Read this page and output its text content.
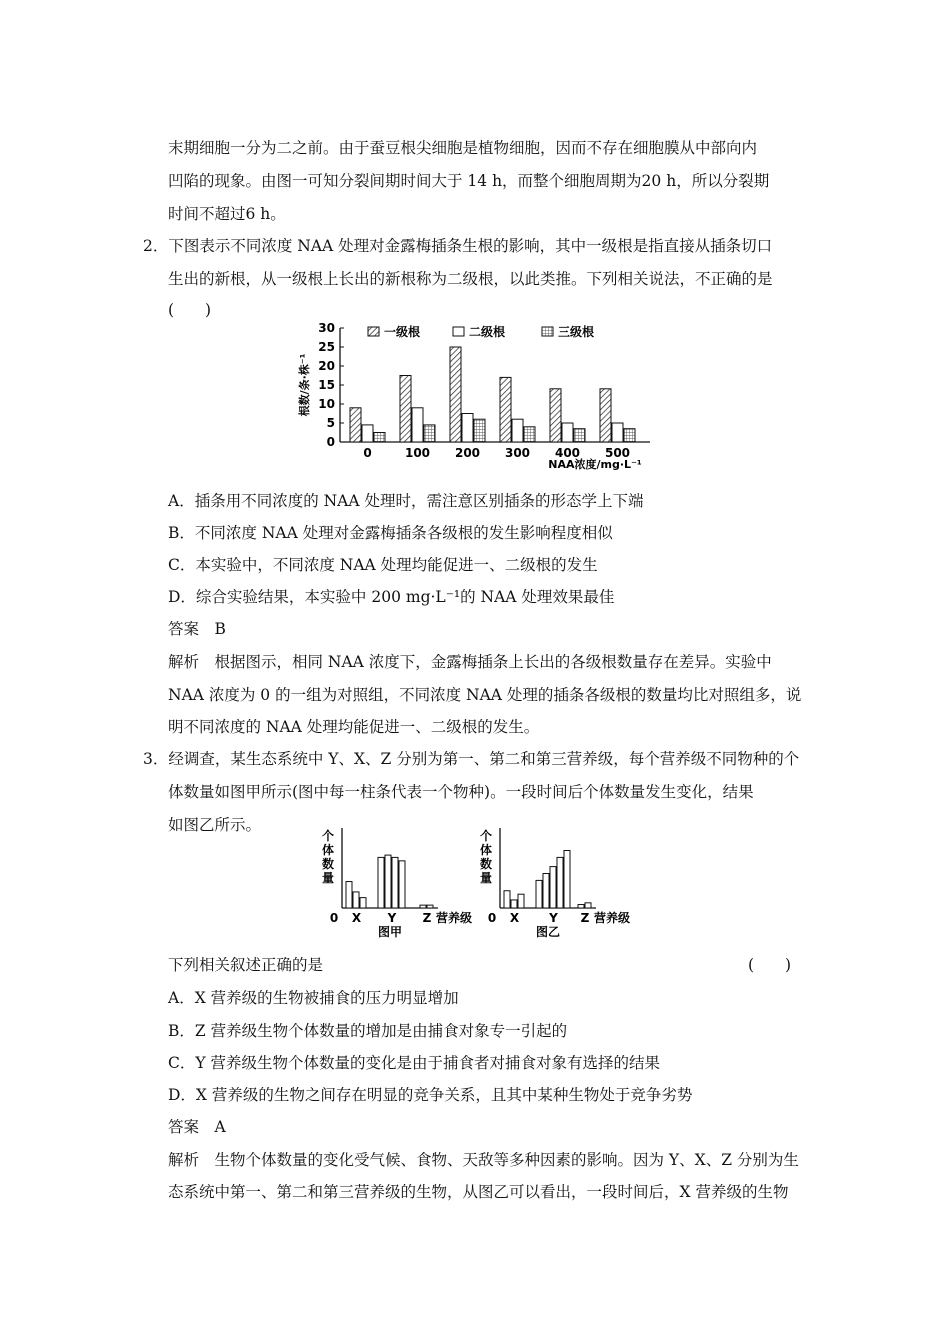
末期细胞一分为二之前。由于蚕豆根尖细胞是植物细胞，因而不存在细胞膜从中部向内
凹陷的现象。由图一可知分裂间期时间大于 14 h，而整个细胞周期为20 h，所以分裂期
时间不超过6 h。
2．下图表示不同浓度 NAA 处理对金露梅插条生根的影响，其中一级根是指直接从插条切口
生出的新根，从一级根上长出的新根称为二级根，以此类推。下列相关说法，不正确的是
(　　)
0
5
10
15
20
25
30
根数/条·株⁻¹
0	100 200 300 400 500
NAA浓度/mg·L⁻¹
一级根	二级根	三级根
A．插条用不同浓度的 NAA 处理时，需注意区别插条的形态学上下端
B．不同浓度 NAA 处理对金露梅插条各级根的发生影响程度相似
C．本实验中，不同浓度 NAA 处理均能促进一、二级根的发生
D．综合实验结果，本实验中 200 mg·L⁻¹的 NAA 处理效果最佳
答案　B
解析　根据图示，相同 NAA 浓度下，金露梅插条上长出的各级根数量存在差异。实验中
NAA 浓度为 0 的一组为对照组，不同浓度 NAA 处理的插条各级根的数量均比对照组多，说
明不同浓度的 NAA 处理均能促进一、二级根的发生。
3．经调查，某生态系统中 Y、X、Z 分别为第一、第二和第三营养级，每个营养级不同物种的个
体数量如图甲所示(图中每一柱条代表一个物种)。一段时间后个体数量发生变化，结果
如图乙所示。
个
体
数
量
0 X Y Z 营养级
图甲
个
体
数
量
0 X	Y Z 营养级
图乙
下列相关叙述正确的是	(　　)
A．X 营养级的生物被捕食的压力明显增加
B．Z 营养级生物个体数量的增加是由捕食对象专一引起的
C．Y 营养级生物个体数量的变化是由于捕食者对捕食对象有选择的结果
D．X 营养级的生物之间存在明显的竞争关系，且其中某种生物处于竞争劣势
答案　A
解析　生物个体数量的变化受气候、食物、天敌等多种因素的影响。因为 Y、X、Z 分别为生
态系统中第一、第二和第三营养级的生物，从图乙可以看出，一段时间后，X 营养级的生物
